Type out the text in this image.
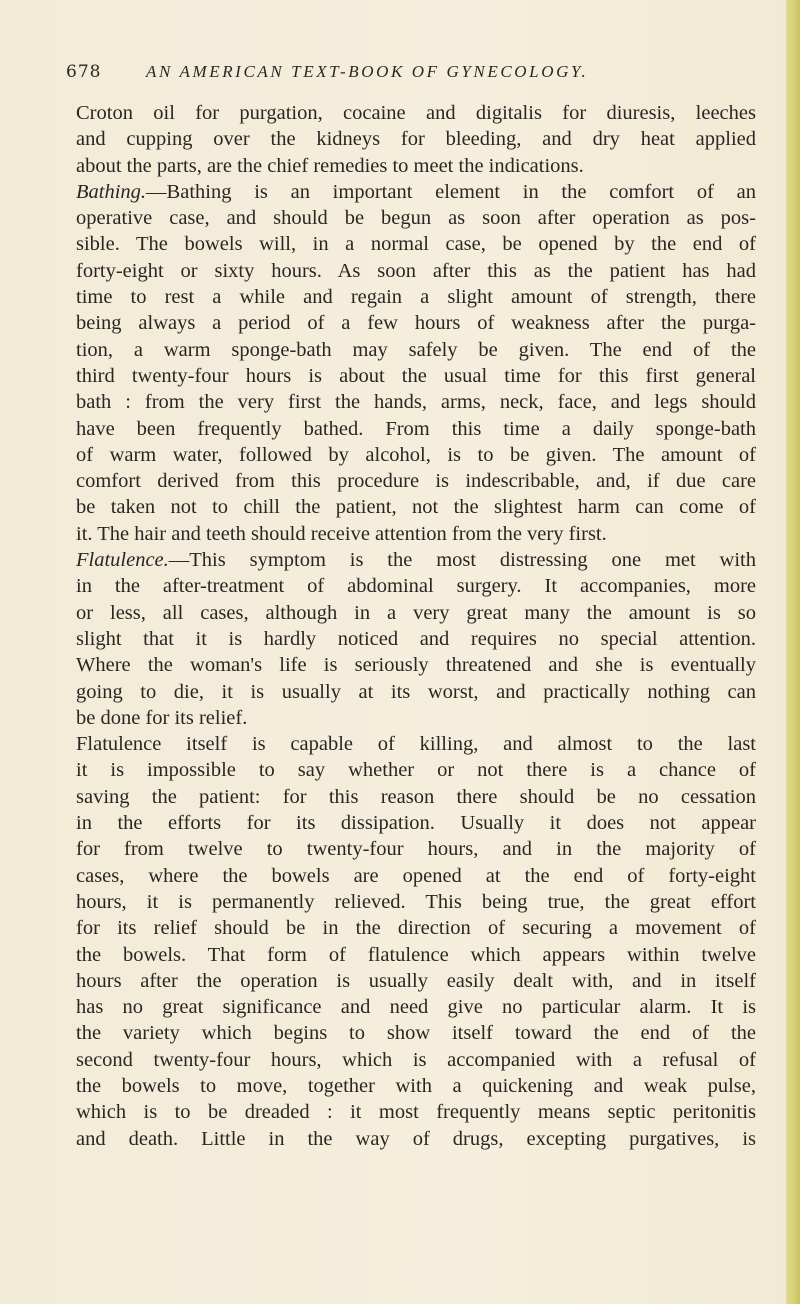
678	AN AMERICAN TEXT-BOOK OF GYNECOLOGY.
Croton oil for purgation, cocaine and digitalis for diuresis, leeches
and cupping over the kidneys for bleeding, and dry heat applied
about the parts, are the chief remedies to meet the indications.
Bathing.—Bathing is an important element in the comfort of an
operative case, and should be begun as soon after operation as pos-
sible. The bowels will, in a normal case, be opened by the end of
forty-eight or sixty hours. As soon after this as the patient has had
time to rest a while and regain a slight amount of strength, there
being always a period of a few hours of weakness after the purga-
tion, a warm sponge-bath may safely be given. The end of the
third twenty-four hours is about the usual time for this first general
bath : from the very first the hands, arms, neck, face, and legs should
have been frequently bathed. From this time a daily sponge-bath
of warm water, followed by alcohol, is to be given. The amount of
comfort derived from this procedure is indescribable, and, if due care
be taken not to chill the patient, not the slightest harm can come of
it. The hair and teeth should receive attention from the very first.
Flatulence.—This symptom is the most distressing one met with
in the after-treatment of abdominal surgery. It accompanies, more
or less, all cases, although in a very great many the amount is so
slight that it is hardly noticed and requires no special attention.
Where the woman's life is seriously threatened and she is eventually
going to die, it is usually at its worst, and practically nothing can
be done for its relief.
Flatulence itself is capable of killing, and almost to the last
it is impossible to say whether or not there is a chance of
saving the patient: for this reason there should be no cessation
in the efforts for its dissipation. Usually it does not appear
for from twelve to twenty-four hours, and in the majority of
cases, where the bowels are opened at the end of forty-eight
hours, it is permanently relieved. This being true, the great effort
for its relief should be in the direction of securing a movement of
the bowels. That form of flatulence which appears within twelve
hours after the operation is usually easily dealt with, and in itself
has no great significance and need give no particular alarm. It is
the variety which begins to show itself toward the end of the
second twenty-four hours, which is accompanied with a refusal of
the bowels to move, together with a quickening and weak pulse,
which is to be dreaded : it most frequently means septic peritonitis
and death. Little in the way of drugs, excepting purgatives, is
